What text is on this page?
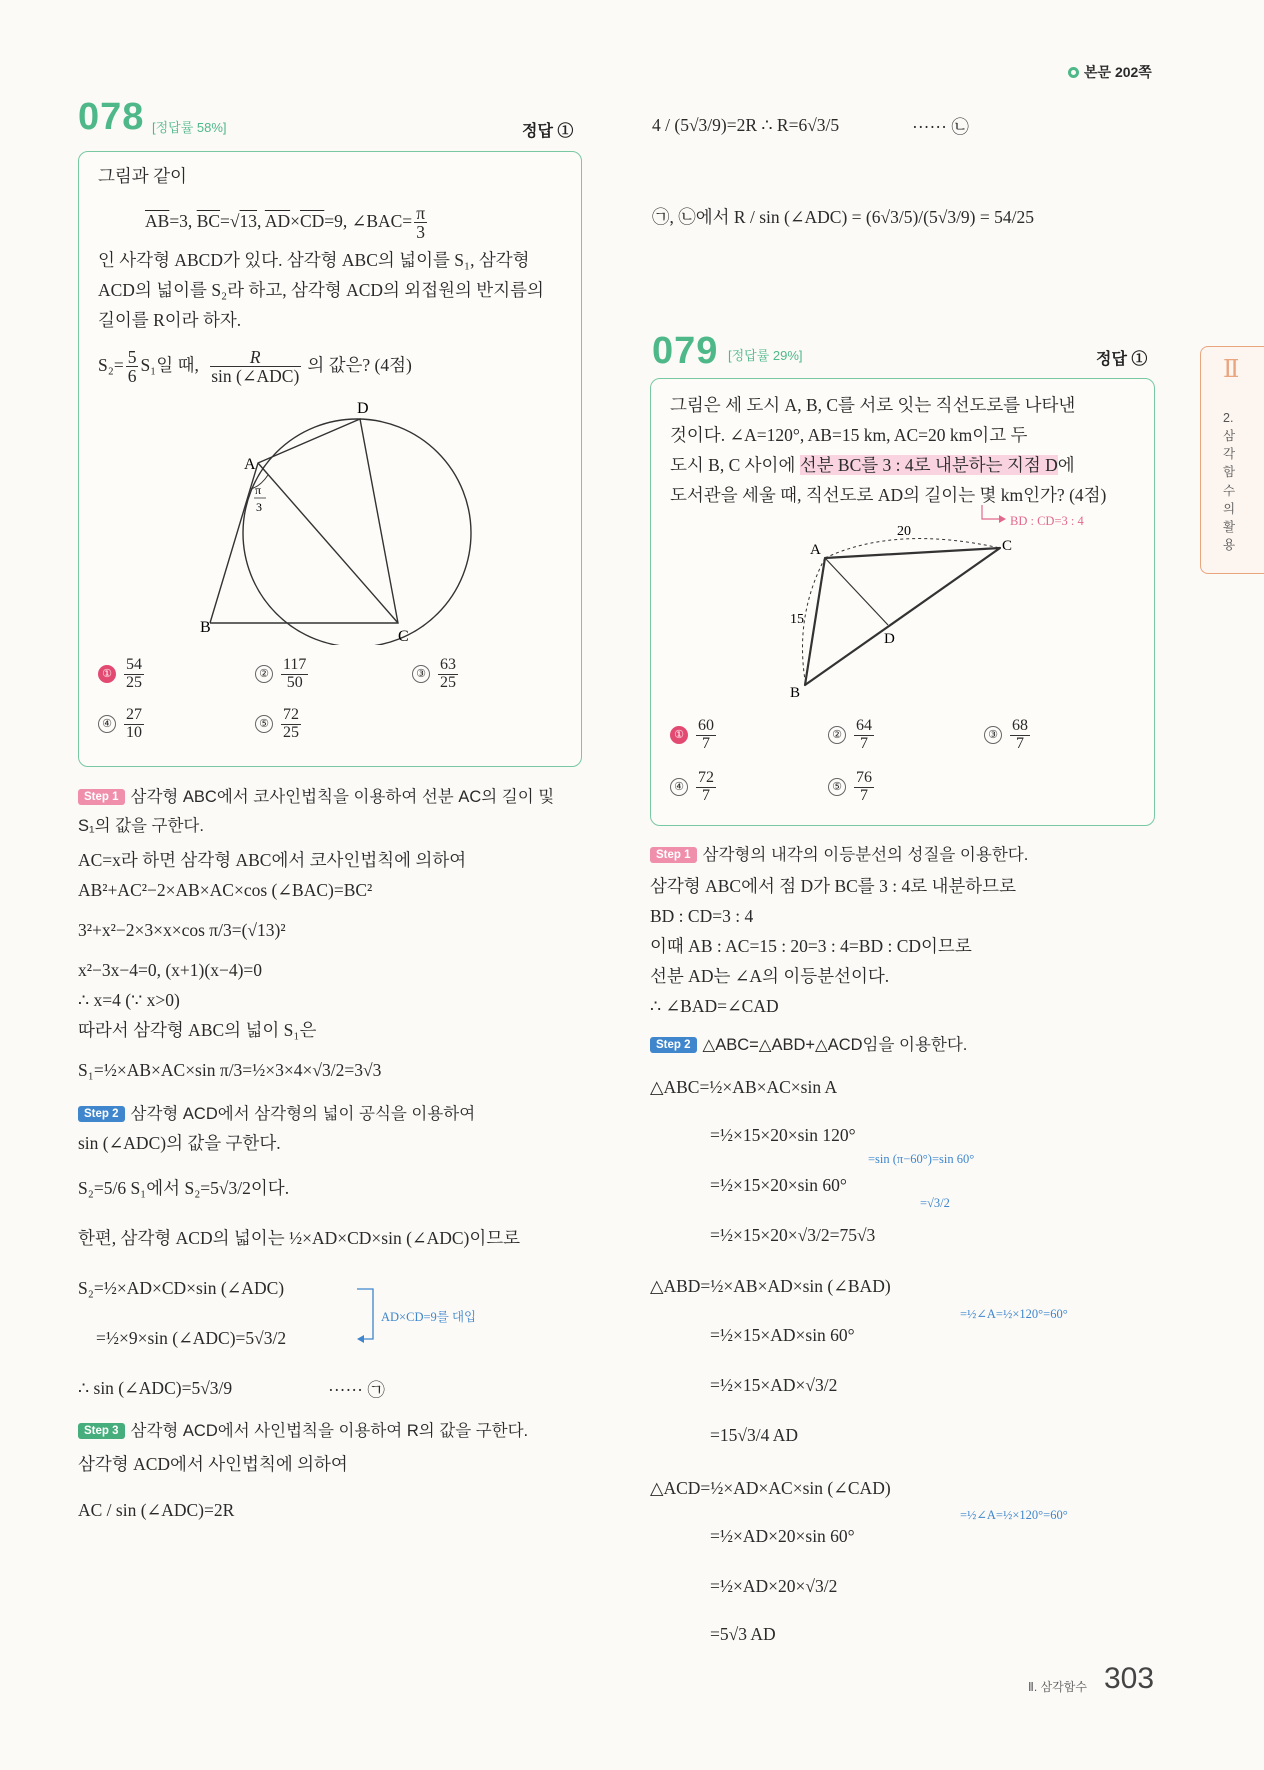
본문 202쪽
078 [정답률 58%]	정답 ①
그림과 같이
$\overline{AB}=3$, $\overline{BC}=√13$, $\overline{AD}\times\overline{CD}=9$, ∠BAC= $\frac{\pi}{3}$
인 사각형 ABCD가 있다. 삼각형 ABC의 넓이를 S₁, 삼각형
ACD의 넓이를 S₂라 하고, 삼각형 ACD의 외접원의 반지름의
길이를 R이라 하자.
$S_2= \frac{5}{6} S_1$일 때,	R
sin (∠ADC)
의 값은? (4점)
A
B
C
D
π
3
①
54
25	②
117
50	③
63
25
④
27
10	⑤
72
25
Step 1 삼각형 ABC에서 코사인법칙을 이용하여 선분 AC의 길이 및
S₁의 값을 구한다.
AC=x라 하면 삼각형 ABC에서 코사인법칙에 의하여
AB²+AC²−2×AB×AC×cos (∠BAC)=BC²
3²+x²−2×3×x×cos π/3=(√13)²
x²−3x−4=0, (x+1)(x−4)=0
∴ x=4 (∵ x>0)
따라서 삼각형 ABC의 넓이 S₁은
S₁=½×AB×AC×sin π/3=½×3×4×√3/2=3√3
Step 2 삼각형 ACD에서 삼각형의 넓이 공식을 이용하여
sin (∠ADC)의 값을 구한다.
S₂=5/6 S₁에서 S₂=5√3/2이다.
한편, 삼각형 ACD의 넓이는 ½×AD×CD×sin (∠ADC)이므로
S₂=½×AD×CD×sin (∠ADC)
=½×9×sin (∠ADC)=5√3/2
AD×CD=9를 대입
∴ sin (∠ADC)=5√3/9	······ ㉠
Step 3 삼각형 ACD에서 사인법칙을 이용하여 R의 값을 구한다.
삼각형 ACD에서 사인법칙에 의하여
AC / sin (∠ADC)=2R
4 / (5√3/9)=2R ∴ R=6√3/5	······ ㉡
㉠, ㉡에서 R / sin (∠ADC) = (6√3/5)/(5√3/9) = 54/25
079 [정답률 29%]	정답 ①
그림은 세 도시 A, B, C를 서로 잇는 직선도로를 나타낸
것이다. ∠A=120°, AB=15 km, AC=20 km이고 두
도시 B, C 사이에 선분 BC를 3 : 4로 내분하는 지점 D에
도서관을 세울 때, 직선도로 AD의 길이는 몇 km인가? (4점)
BD : CD=3 : 4
A
B
C
D
15
20
①
60
7	②
64
7	③
68
7
④
72
7	⑤
76
7
Step 1 삼각형의 내각의 이등분선의 성질을 이용한다.
삼각형 ABC에서 점 D가 BC를 3 : 4로 내분하므로
BD : CD=3 : 4
이때 AB : AC=15 : 20=3 : 4=BD : CD이므로
선분 AD는 ∠A의 이등분선이다.
∴ ∠BAD=∠CAD
Step 2 △ABC=△ABD+△ACD임을 이용한다.
△ABC=½×AB×AC×sin A
=½×15×20×sin 120°
=sin (π−60°)=sin 60°
=½×15×20×sin 60°
=√3/2
=½×15×20×√3/2=75√3
△ABD=½×AB×AD×sin (∠BAD)
=½∠A=½×120°=60°
=½×15×AD×sin 60°
=½×15×AD×√3/2
=15√3/4 AD
△ACD=½×AD×AC×sin (∠CAD)
=½∠A=½×120°=60°
=½×AD×20×sin 60°
=½×AD×20×√3/2
=5√3 AD
Ⅱ
2. 삼각함수의 활용
Ⅱ. 삼각함수 303
